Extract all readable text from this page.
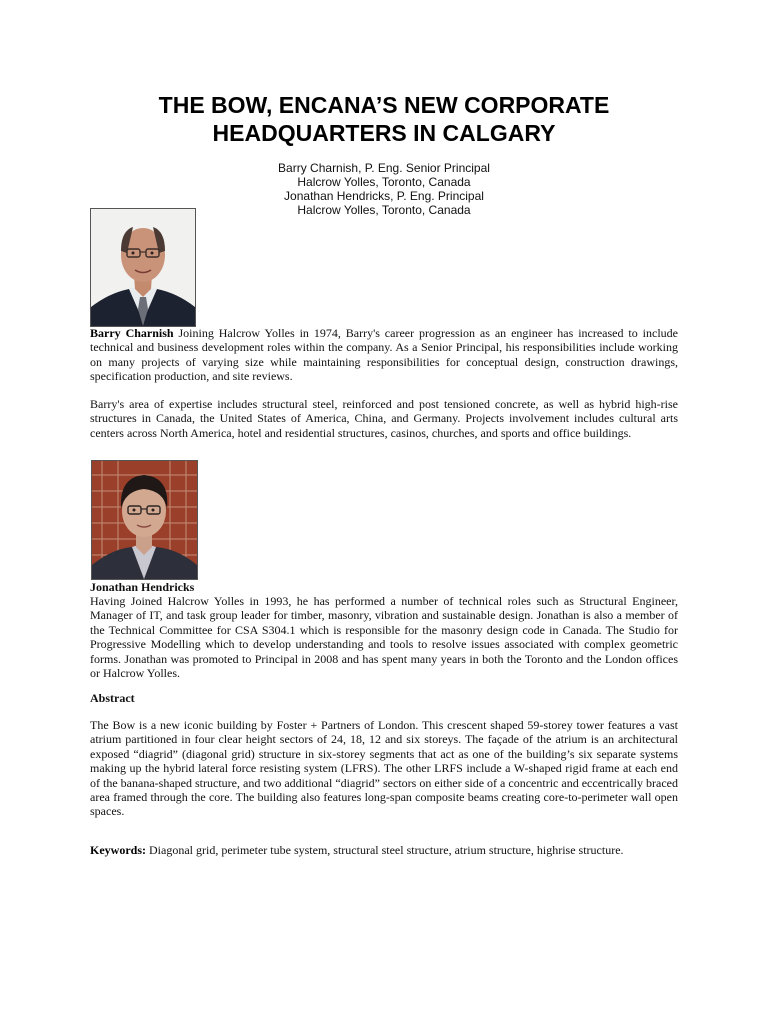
THE BOW, ENCANA’S NEW CORPORATE HEADQUARTERS IN CALGARY
Barry Charnish, P. Eng. Senior Principal
Halcrow Yolles, Toronto, Canada
Jonathan Hendricks, P. Eng. Principal
Halcrow Yolles, Toronto, Canada

Barry Charnish Joining Halcrow Yolles in 1974, Barry's career progression as an engineer has increased to include technical and business development roles within the company. As a Senior Principal, his responsibilities include working on many projects of varying size while maintaining responsibilities for conceptual design, construction drawings, specification production, and site reviews.

Barry's area of expertise includes structural steel, reinforced and post tensioned concrete, as well as hybrid high-rise structures in Canada, the United States of America, China, and Germany. Projects involvement includes cultural arts centers across North America, hotel and residential structures, casinos, churches, and sports and office buildings.

Jonathan Hendricks

Having Joined Halcrow Yolles in 1993, he has performed a number of technical roles such as Structural Engineer, Manager of IT, and task group leader for timber, masonry, vibration and sustainable design. Jonathan is also a member of the Technical Committee for CSA S304.1 which is responsible for the masonry design code in Canada. The Studio for Progressive Modelling which to develop understanding and tools to resolve issues associated with complex geometric forms. Jonathan was promoted to Principal in 2008 and has spent many years in both the Toronto and the London offices or Halcrow Yolles.

Abstract

The Bow is a new iconic building by Foster + Partners of London. This crescent shaped 59-storey tower features a vast atrium partitioned in four clear height sectors of 24, 18, 12 and six storeys. The façade of the atrium is an architectural exposed “diagrid” (diagonal grid) structure in six-storey segments that act as one of the building’s six separate systems making up the hybrid lateral force resisting system (LFRS). The other LRFS include a W-shaped rigid frame at each end of the banana-shaped structure, and two additional “diagrid” sectors on either side of a concentric and eccentrically braced area framed through the core. The building also features long-span composite beams creating core-to-perimeter wall open spaces.

Keywords: Diagonal grid, perimeter tube system, structural steel structure, atrium structure, highrise structure.
